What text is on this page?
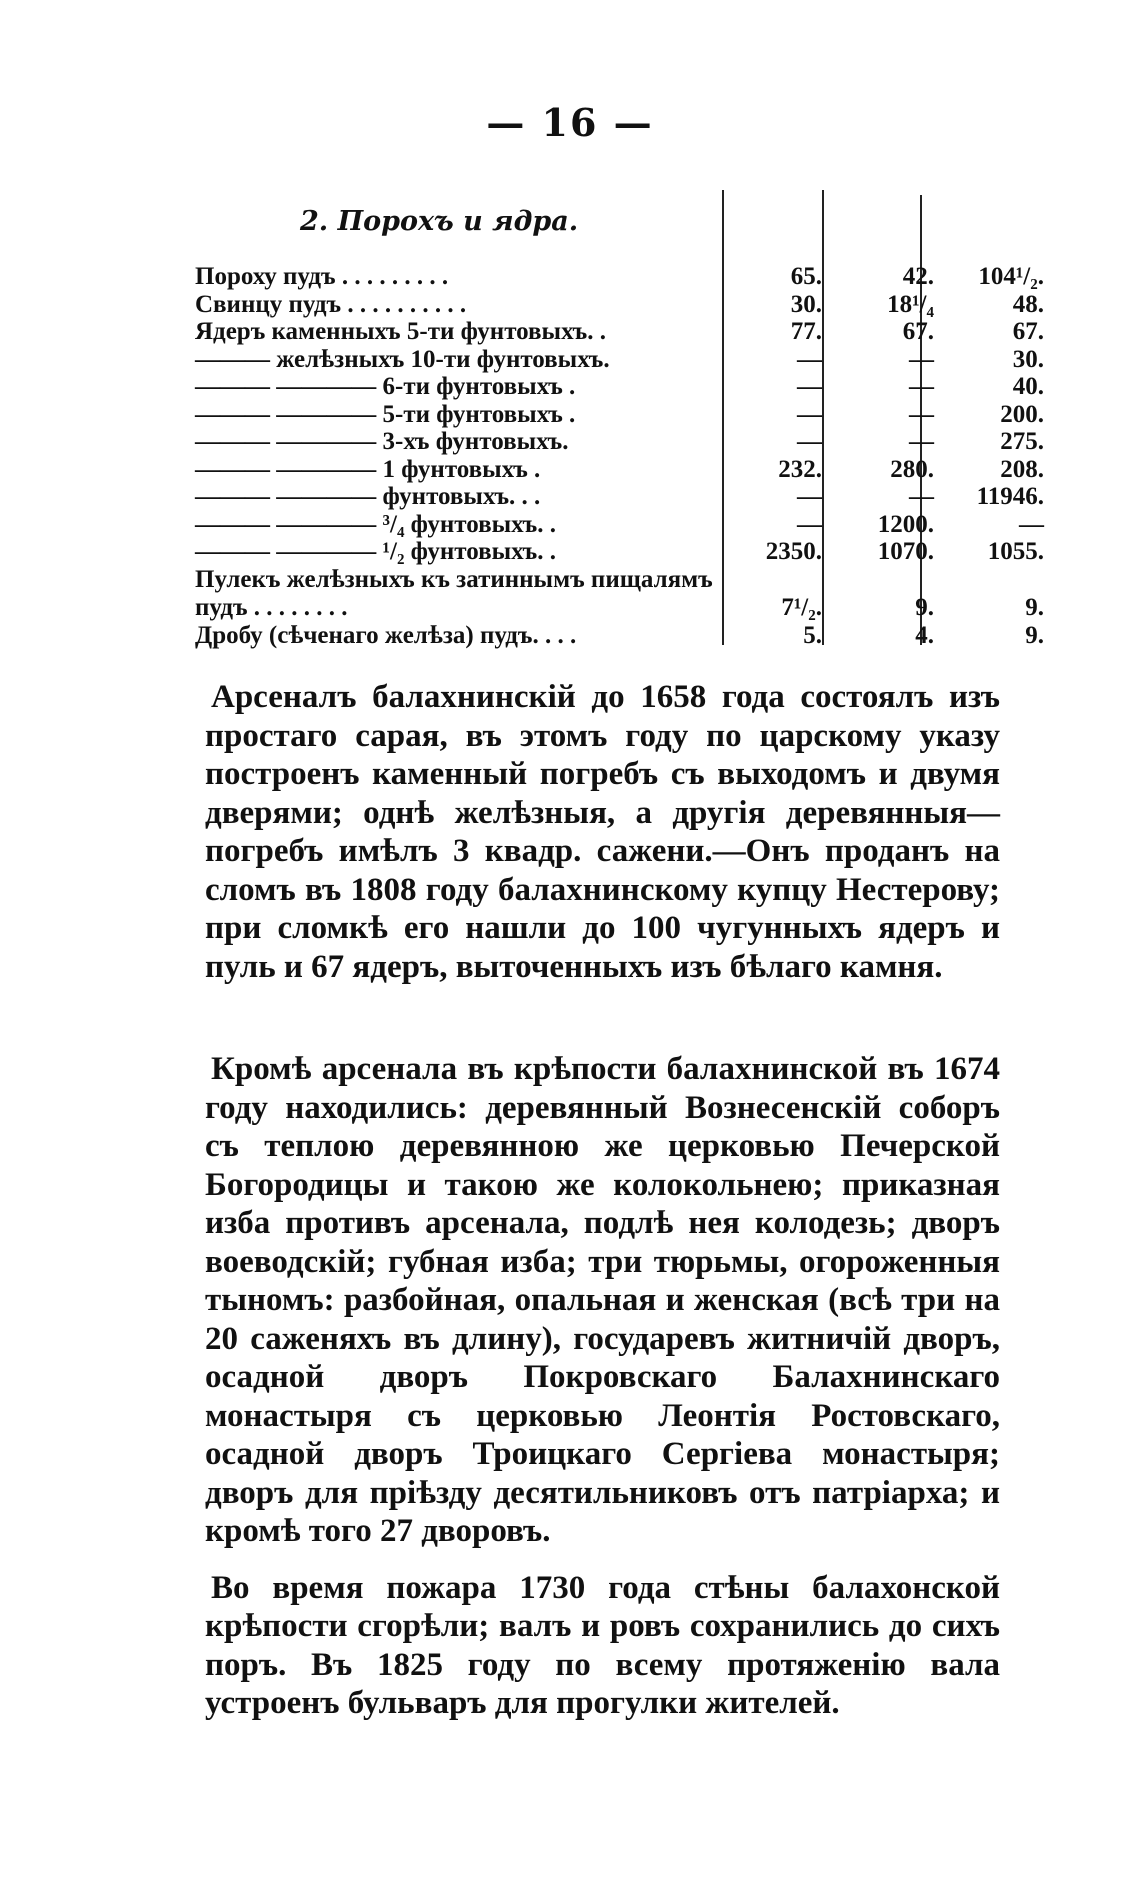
— 16 —
2. Порохъ и ядра.
Пороху пудъ . . . . . . . . .	65.	42.	104¹/₂.
Свинцу пудъ . . . . . . . . . .	30.	18¹/₄	48.
Ядеръ каменныхъ 5-ти фунтовыхъ. .	77.	67.	67.
——— желѣзныхъ 10-ти фунтовыхъ.	—	—	30.
——— ———— 6-ти фунтовыхъ .	—	—	40.
——— ———— 5-ти фунтовыхъ .	—	—	200.
——— ———— 3-хъ фунтовыхъ.	—	—	275.
——— ———— 1 фунтовыхъ .	232.	280.	208.
——— ———— фунтовыхъ. . .	—	—	11946.
——— ———— ³/₄ фунтовыхъ. .	—	1200.	—
——— ———— ¹/₂ фунтовыхъ. .	2350.	1070.	1055.
Пулекъ желѣзныхъ къ затиннымъ пищалямъ пудъ . . . . . . . .	7¹/₂.	9.	9.
Дробу (сѣченаго желѣза) пудъ. . . .	5.	4.	9.

Арсеналъ балахнинскій до 1658 года состоялъ изъ простаго сарая, въ этомъ году по царскому указу построенъ каменный погребъ съ выходомъ и двумя дверями; однѣ желѣзныя, а другія деревянныя—погребъ имѣлъ 3 квадр. сажени.—Онъ проданъ на сломъ въ 1808 году балахнинскому купцу Нестерову; при сломкѣ его нашли до 100 чугунныхъ ядеръ и пуль и 67 ядеръ, выточенныхъ изъ бѣлаго камня.

Кромѣ арсенала въ крѣпости балахнинской въ 1674 году находились: деревянный Вознесенскій соборъ съ теплою деревянною же церковью Печерской Богородицы и такою же колокольнею; приказная изба противъ арсенала, подлѣ нея колодезь; дворъ воеводскій; губная изба; три тюрьмы, огороженныя тыномъ: разбойная, опальная и женская (всѣ три на 20 саженяхъ въ длину), государевъ житничій дворъ, осадной дворъ Покровскаго Балахнинскаго монастыря съ церковью Леонтія Ростовскаго, осадной дворъ Троицкаго Сергіева монастыря; дворъ для пріѣзду десятильниковъ отъ патріарха; и кромѣ того 27 дворовъ.

Во время пожара 1730 года стѣны балахонской крѣпости сгорѣли; валъ и ровъ сохранились до сихъ поръ. Въ 1825 году по всему протяженію вала устроенъ бульваръ для прогулки жителей.
